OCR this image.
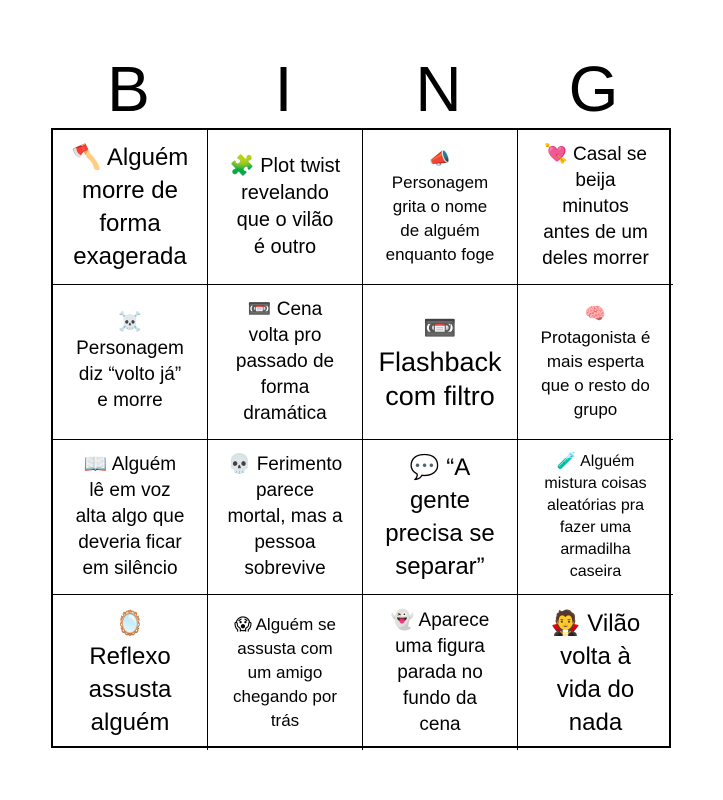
B	I	N	G
🪓 Alguém
morre de
forma
exagerada
🧩 Plot twist
revelando
que o vilão
é outro
📣
Personagem
grita o nome
de alguém
enquanto foge
💘 Casal se
beija
minutos
antes de um
deles morrer
☠️
Personagem
diz “volto já”
e morre
📼 Cena
volta pro
passado de
forma
dramática
📼
Flashback
com filtro
🧠
Protagonista é
mais esperta
que o resto do
grupo
📖 Alguém
lê em voz
alta algo que
deveria ficar
em silêncio
💀 Ferimento
parece
mortal, mas a
pessoa
sobrevive
💬 “A
gente
precisa se
separar”
🧪 Alguém
mistura coisas
aleatórias pra
fazer uma
armadilha
caseira
🪞
Reflexo
assusta
alguém
😱 Alguém se
assusta com
um amigo
chegando por
trás
👻 Aparece
uma figura
parada no
fundo da
cena
🧛 Vilão
volta à
vida do
nada
